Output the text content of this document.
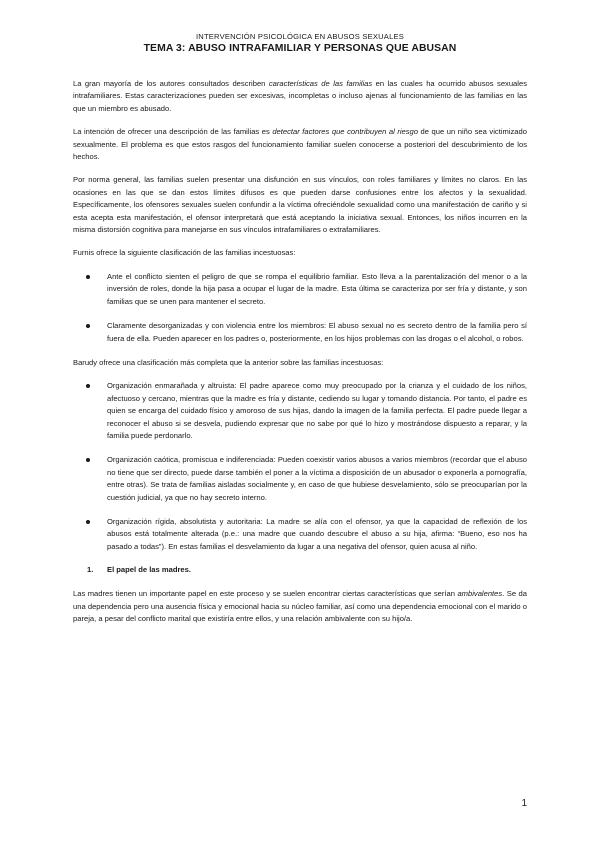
INTERVENCIÓN PSICOLÓGICA EN ABUSOS SEXUALES
TEMA 3: ABUSO INTRAFAMILIAR Y PERSONAS QUE ABUSAN

La gran mayoría de los autores consultados describen características de las familias en las cuales ha ocurrido abusos sexuales intrafamiliares. Estas caracterizaciones pueden ser excesivas, incompletas o incluso ajenas al funcionamiento de las familias en las que un miembro es abusado.

La intención de ofrecer una descripción de las familias es detectar factores que contribuyen al riesgo de que un niño sea victimizado sexualmente. El problema es que estos rasgos del funcionamiento familiar suelen conocerse a posteriori del descubrimiento de los hechos.

Por norma general, las familias suelen presentar una disfunción en sus vínculos, con roles familiares y límites no claros. En las ocasiones en las que se dan estos límites difusos es que pueden darse confusiones entre los afectos y la sexualidad. Específicamente, los ofensores sexuales suelen confundir a la víctima ofreciéndole sexualidad como una manifestación de cariño y si esta acepta esta manifestación, el ofensor interpretará que está aceptando la iniciativa sexual. Entonces, los niños incurren en la misma distorsión cognitiva para manejarse en sus vínculos intrafamiliares o extrafamiliares.

Furnis ofrece la siguiente clasificación de las familias incestuosas:

Ante el conflicto sienten el peligro de que se rompa el equilibrio familiar. Esto lleva a la parentalización del menor o a la inversión de roles, donde la hija pasa a ocupar el lugar de la madre. Esta última se caracteriza por ser fría y distante, y son familias que se unen para mantener el secreto.
Claramente desorganizadas y con violencia entre los miembros: El abuso sexual no es secreto dentro de la familia pero sí fuera de ella. Pueden aparecer en los padres o, posteriormente, en los hijos problemas con las drogas o el alcohol, o robos.

Barudy ofrece una clasificación más completa que la anterior sobre las familias incestuosas:

Organización enmarañada y altruista: El padre aparece como muy preocupado por la crianza y el cuidado de los niños, afectuoso y cercano, mientras que la madre es fría y distante, cediendo su lugar y tomando distancia. Por tanto, el padre es quien se encarga del cuidado físico y amoroso de sus hijas, dando la imagen de la familia perfecta. El padre puede llegar a reconocer el abuso si se desvela, pudiendo expresar que no sabe por qué lo hizo y mostrándose dispuesto a reparar, y la familia puede perdonarlo.
Organización caótica, promiscua e indiferenciada: Pueden coexistir varios abusos a varios miembros (recordar que el abuso no tiene que ser directo, puede darse también el poner a la víctima a disposición de un abusador o exponerla a pornografía, entre otras). Se trata de familias aisladas socialmente y, en caso de que hubiese desvelamiento, sólo se preocuparían por la cuestión judicial, ya que no hay secreto interno.
Organización rígida, absolutista y autoritaria: La madre se alía con el ofensor, ya que la capacidad de reflexión de los abusos está totalmente alterada (p.e.: una madre que cuando descubre el abuso a su hija, afirma: “Bueno, eso nos ha pasado a todas”). En estas familias el desvelamiento da lugar a una negativa del ofensor, quien acusa al niño.
1. El papel de las madres.

Las madres tienen un importante papel en este proceso y se suelen encontrar ciertas características que serían ambivalentes. Se da una dependencia pero una ausencia física y emocional hacia su núcleo familiar, así como una dependencia emocional con el marido o pareja, a pesar del conflicto marital que existiría entre ellos, y una relación ambivalente con su hijo/a.

1
